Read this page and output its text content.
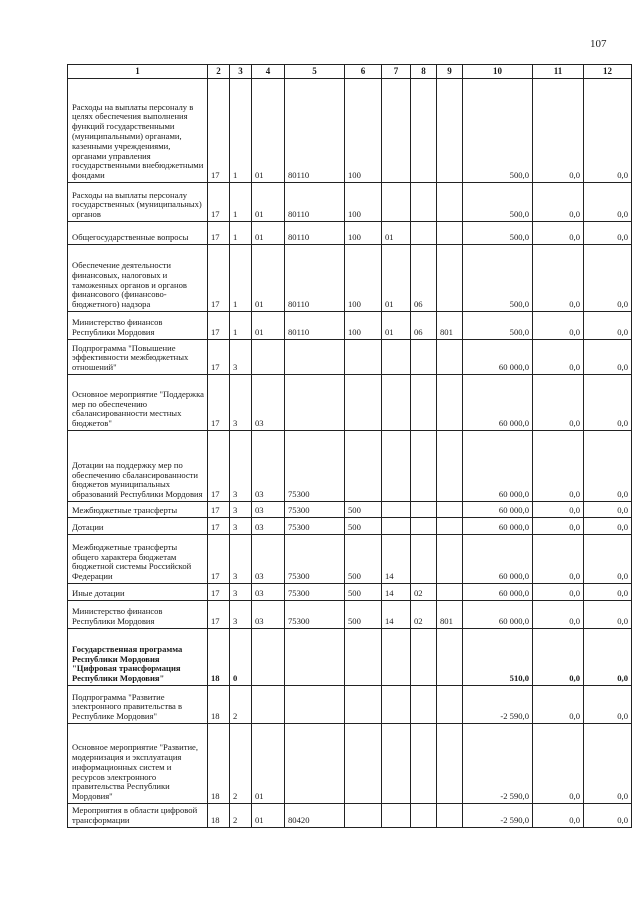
107
1	2	3	4	5	6	7	8	9	10	11	12
Расходы на выплаты персоналу в целях обеспечения выполнения функций государственными (муниципальными) органами, казенными учреждениями, органами управления государственными внебюджетными фондами	17	1	01	80110	100				500,0	0,0	0,0
Расходы на выплаты персоналу государственных (муниципальных) органов	17	1	01	80110	100				500,0	0,0	0,0
Общегосударственные вопросы	17	1	01	80110	100	01			500,0	0,0	0,0
Обеспечение деятельности финансовых, налоговых и таможенных органов и органов финансового (финансово-бюджетного) надзора	17	1	01	80110	100	01	06		500,0	0,0	0,0
Министерство финансов Республики Мордовия	17	1	01	80110	100	01	06	801	500,0	0,0	0,0
Подпрограмма "Повышение эффективности межбюджетных отношений"	17	3							60 000,0	0,0	0,0
Основное мероприятие "Поддержка мер по обеспечению сбалансированности местных бюджетов"	17	3	03						60 000,0	0,0	0,0
Дотации на поддержку мер по обеспечению сбалансированности бюджетов муниципальных образований Республики Мордовия	17	3	03	75300					60 000,0	0,0	0,0
Межбюджетные трансферты	17	3	03	75300	500				60 000,0	0,0	0,0
Дотации	17	3	03	75300	500				60 000,0	0,0	0,0
Межбюджетные трансферты общего характера бюджетам бюджетной системы Российской Федерации	17	3	03	75300	500	14			60 000,0	0,0	0,0
Иные дотации	17	3	03	75300	500	14	02		60 000,0	0,0	0,0
Министерство финансов Республики Мордовия	17	3	03	75300	500	14	02	801	60 000,0	0,0	0,0
Государственная программа Республики Мордовия "Цифровая трансформация Республики Мордовия"	18	0							510,0	0,0	0,0
Подпрограмма "Развитие электронного правительства в Республике Мордовия"	18	2							-2 590,0	0,0	0,0
Основное мероприятие "Развитие, модернизация и эксплуатация информационных систем и ресурсов электронного правительства Республики Мордовия"	18	2	01						-2 590,0	0,0	0,0
Мероприятия в области цифровой трансформации	18	2	01	80420					-2 590,0	0,0	0,0
